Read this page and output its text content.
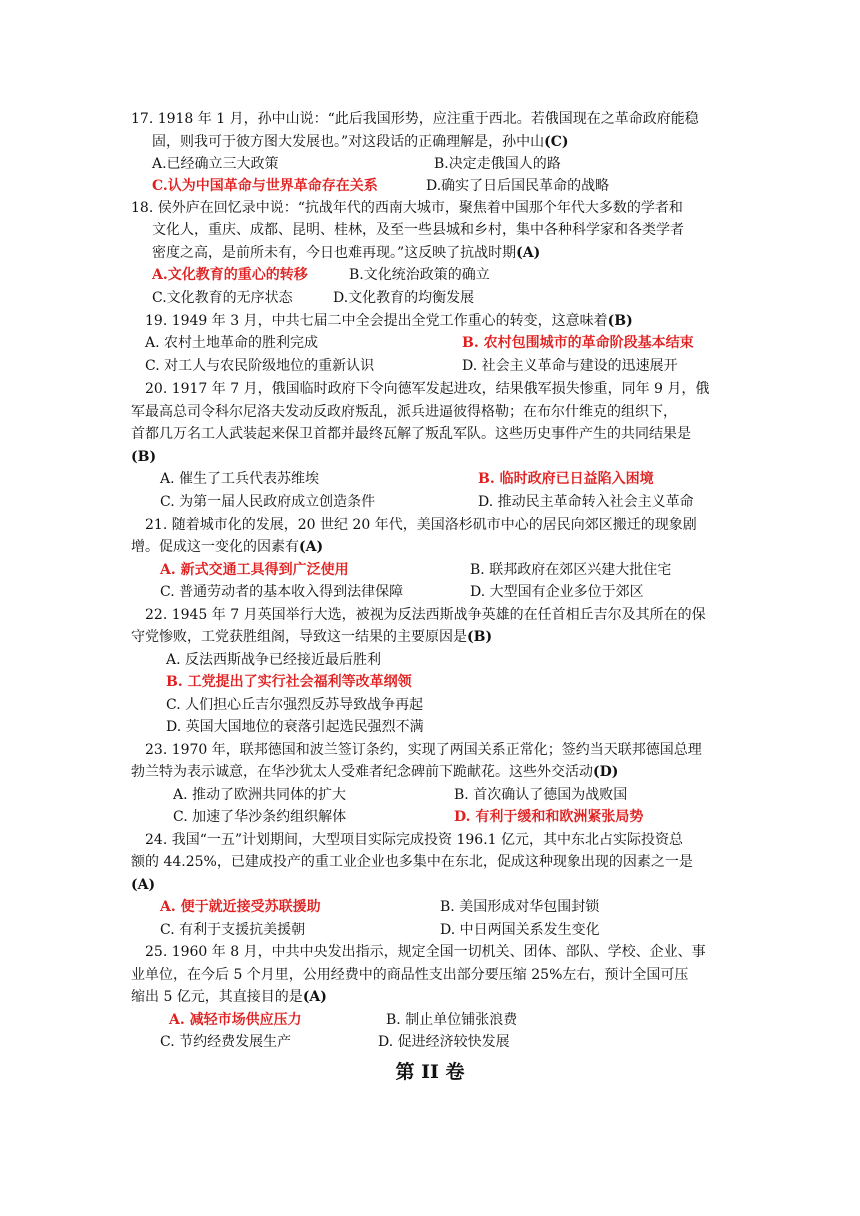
17. 1918 年 1 月，孙中山说：“此后我国形势，应注重于西北。若俄国现在之革命政府能稳
固，则我可于彼方图大发展也。”对这段话的正确理解是，孙中山(C)
A.已经确立三大政策	B.决定走俄国人的路
C.认为中国革命与世界革命存在关系	D.确实了日后国民革命的战略
18. 侯外庐在回忆录中说：“抗战年代的西南大城市，聚焦着中国那个年代大多数的学者和
文化人，重庆、成都、昆明、桂林，及至一些县城和乡村，集中各种科学家和各类学者
密度之高，是前所未有，今日也难再现。”这反映了抗战时期(A)
A.文化教育的重心的转移	B.文化统治政策的确立
C.文化教育的无序状态	D.文化教育的均衡发展
19. 1949 年 3 月，中共七届二中全会提出全党工作重心的转变，这意味着(B)
A. 农村土地革命的胜利完成	B. 农村包围城市的革命阶段基本结束
C. 对工人与农民阶级地位的重新认识	D. 社会主义革命与建设的迅速展开
20. 1917 年 7 月，俄国临时政府下令向德军发起进攻，结果俄军损失惨重，同年 9 月，俄
军最高总司令科尔尼洛夫发动反政府叛乱，派兵进逼彼得格勒；在布尔什维克的组织下，
首都几万名工人武装起来保卫首都并最终瓦解了叛乱军队。这些历史事件产生的共同结果是
(B)
A. 催生了工兵代表苏维埃	B. 临时政府已日益陷入困境
C. 为第一届人民政府成立创造条件	D. 推动民主革命转入社会主义革命
21. 随着城市化的发展，20 世纪 20 年代，美国洛杉矶市中心的居民向郊区搬迁的现象剧
增。促成这一变化的因素有(A)
A. 新式交通工具得到广泛使用	B. 联邦政府在郊区兴建大批住宅
C. 普通劳动者的基本收入得到法律保障	D. 大型国有企业多位于郊区
22. 1945 年 7 月英国举行大选，被视为反法西斯战争英雄的在任首相丘吉尔及其所在的保
守党惨败，工党获胜组阁，导致这一结果的主要原因是(B)
A. 反法西斯战争已经接近最后胜利
B. 工党提出了实行社会福利等改革纲领
C. 人们担心丘吉尔强烈反苏导致战争再起
D. 英国大国地位的衰落引起选民强烈不满
23. 1970 年，联邦德国和波兰签订条约，实现了两国关系正常化；签约当天联邦德国总理
勃兰特为表示诚意，在华沙犹太人受难者纪念碑前下跪献花。这些外交活动(D)
A. 推动了欧洲共同体的扩大	B. 首次确认了德国为战败国
C. 加速了华沙条约组织解体	D. 有利于缓和和欧洲紧张局势
24. 我国“一五”计划期间，大型项目实际完成投资 196.1 亿元，其中东北占实际投资总
额的 44.25%，已建成投产的重工业企业也多集中在东北，促成这种现象出现的因素之一是
(A)
A. 便于就近接受苏联援助	B. 美国形成对华包围封锁
C. 有利于支援抗美援朝	D. 中日两国关系发生变化
25. 1960 年 8 月，中共中央发出指示，规定全国一切机关、团体、部队、学校、企业、事
业单位，在今后 5 个月里，公用经费中的商品性支出部分要压缩 25%左右，预计全国可压
缩出 5 亿元，其直接目的是(A)
A. 减轻市场供应压力	B. 制止单位铺张浪费
C. 节约经费发展生产	D. 促进经济较快发展
第 II 卷
